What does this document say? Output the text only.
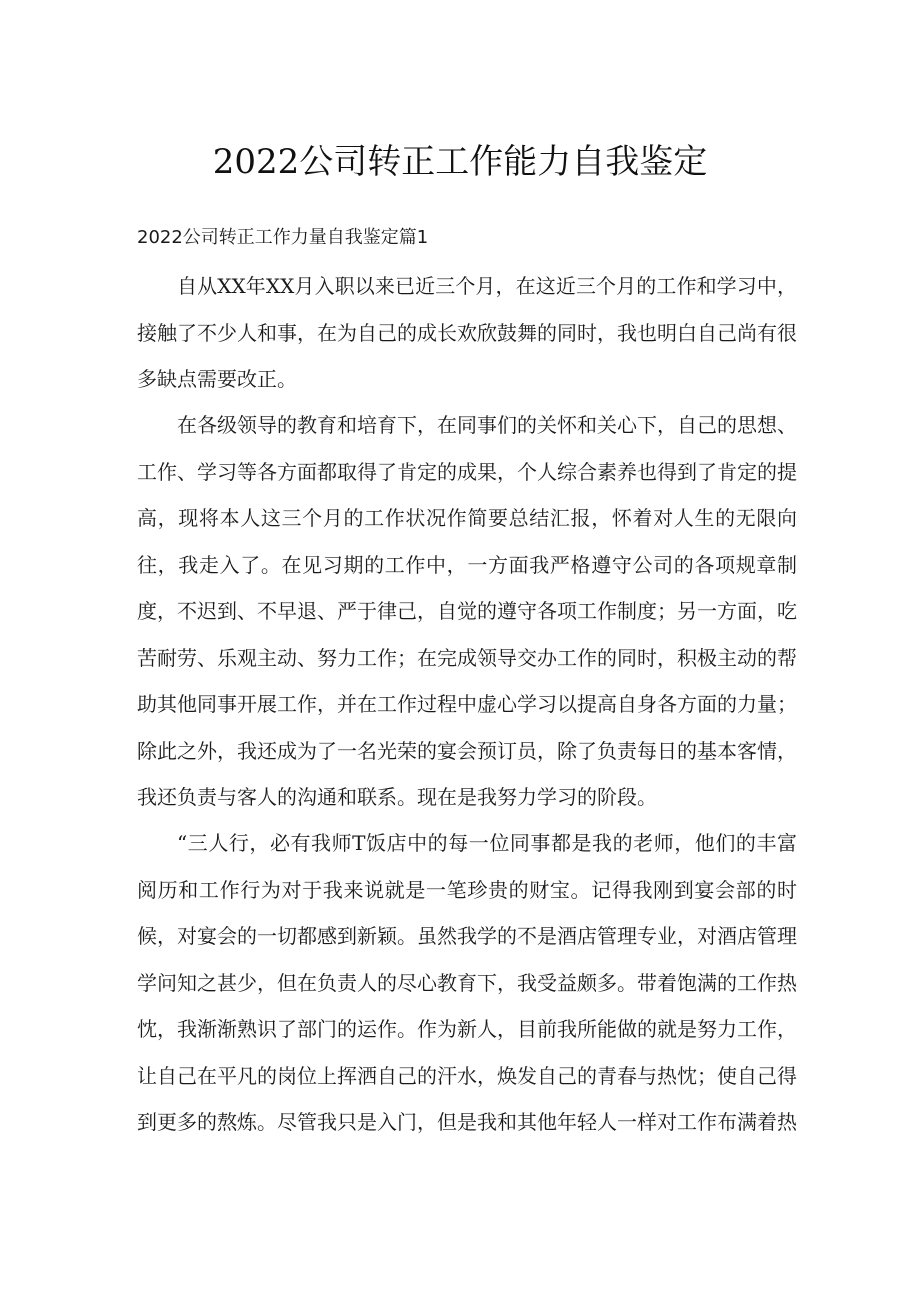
2022公司转正工作能力自我鉴定

2022公司转正工作力量自我鉴定篇1

自从XX年XX月入职以来已近三个月，在这近三个月的工作和学习中，接触了不少人和事，在为自己的成长欢欣鼓舞的同时，我也明白自己尚有很多缺点需要改正。

在各级领导的教育和培育下，在同事们的关怀和关心下，自己的思想、工作、学习等各方面都取得了肯定的成果，个人综合素养也得到了肯定的提高，现将本人这三个月的工作状况作简要总结汇报，怀着对人生的无限向往，我走入了。在见习期的工作中，一方面我严格遵守公司的各项规章制度，不迟到、不早退、严于律己，自觉的遵守各项工作制度；另一方面，吃苦耐劳、乐观主动、努力工作；在完成领导交办工作的同时，积极主动的帮助其他同事开展工作，并在工作过程中虚心学习以提高自身各方面的力量；除此之外，我还成为了一名光荣的宴会预订员，除了负责每日的基本客情，我还负责与客人的沟通和联系。现在是我努力学习的阶段。

“三人行，必有我师T饭店中的每一位同事都是我的老师，他们的丰富阅历和工作行为对于我来说就是一笔珍贵的财宝。记得我刚到宴会部的时候，对宴会的一切都感到新颖。虽然我学的不是酒店管理专业，对酒店管理学问知之甚少，但在负责人的尽心教育下，我受益颇多。带着饱满的工作热忱，我渐渐熟识了部门的运作。作为新人，目前我所能做的就是努力工作，让自己在平凡的岗位上挥洒自己的汗水，焕发自己的青春与热忱；使自己得到更多的熬炼。尽管我只是入门，但是我和其他年轻人一样对工作布满着热
